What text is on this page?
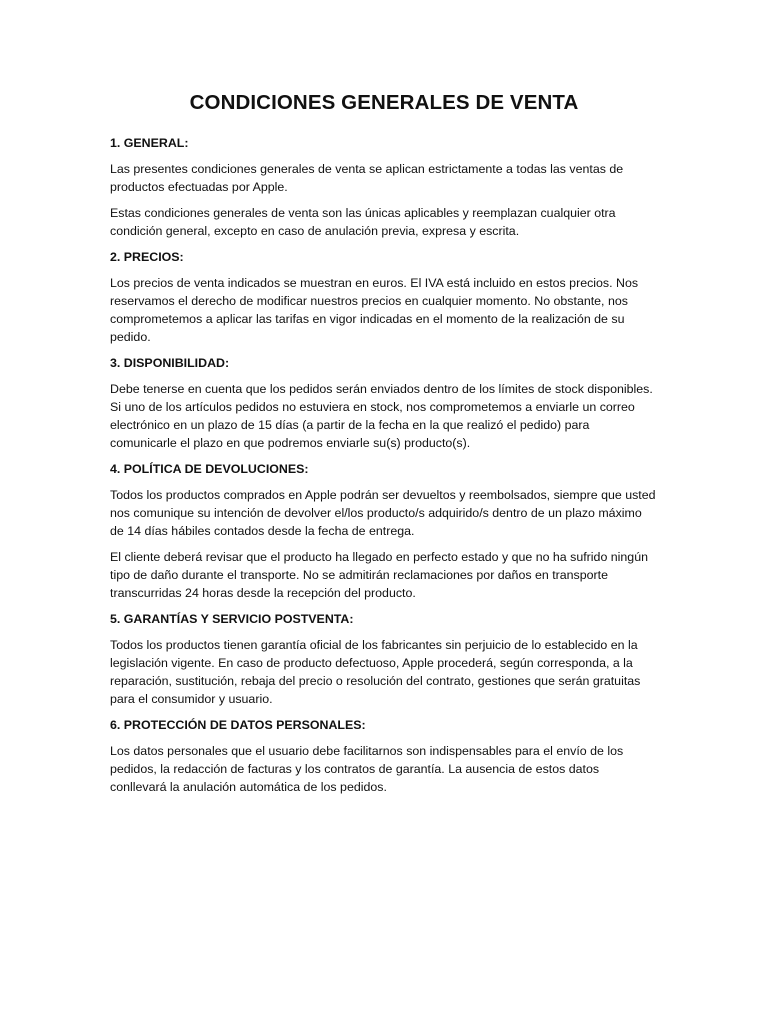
CONDICIONES GENERALES DE VENTA
1. GENERAL:

Las presentes condiciones generales de venta se aplican estrictamente a todas las ventas de productos efectuadas por Apple.

Estas condiciones generales de venta son las únicas aplicables y reemplazan cualquier otra condición general, excepto en caso de anulación previa, expresa y escrita.

2. PRECIOS:

Los precios de venta indicados se muestran en euros. El IVA está incluido en estos precios. Nos reservamos el derecho de modificar nuestros precios en cualquier momento. No obstante, nos comprometemos a aplicar las tarifas en vigor indicadas en el momento de la realización de su pedido.

3. DISPONIBILIDAD:

Debe tenerse en cuenta que los pedidos serán enviados dentro de los límites de stock disponibles. Si uno de los artículos pedidos no estuviera en stock, nos comprometemos a enviarle un correo electrónico en un plazo de 15 días (a partir de la fecha en la que realizó el pedido) para comunicarle el plazo en que podremos enviarle su(s) producto(s).

4. POLÍTICA DE DEVOLUCIONES:

Todos los productos comprados en Apple podrán ser devueltos y reembolsados, siempre que usted nos comunique su intención de devolver el/los producto/s adquirido/s dentro de un plazo máximo de 14 días hábiles contados desde la fecha de entrega.

El cliente deberá revisar que el producto ha llegado en perfecto estado y que no ha sufrido ningún tipo de daño durante el transporte. No se admitirán reclamaciones por daños en transporte transcurridas 24 horas desde la recepción del producto.

5. GARANTÍAS Y SERVICIO POSTVENTA:

Todos los productos tienen garantía oficial de los fabricantes sin perjuicio de lo establecido en la legislación vigente. En caso de producto defectuoso, Apple procederá, según corresponda, a la reparación, sustitución, rebaja del precio o resolución del contrato, gestiones que serán gratuitas para el consumidor y usuario.

6. PROTECCIÓN DE DATOS PERSONALES:

Los datos personales que el usuario debe facilitarnos son indispensables para el envío de los pedidos, la redacción de facturas y los contratos de garantía. La ausencia de estos datos conllevará la anulación automática de los pedidos.
